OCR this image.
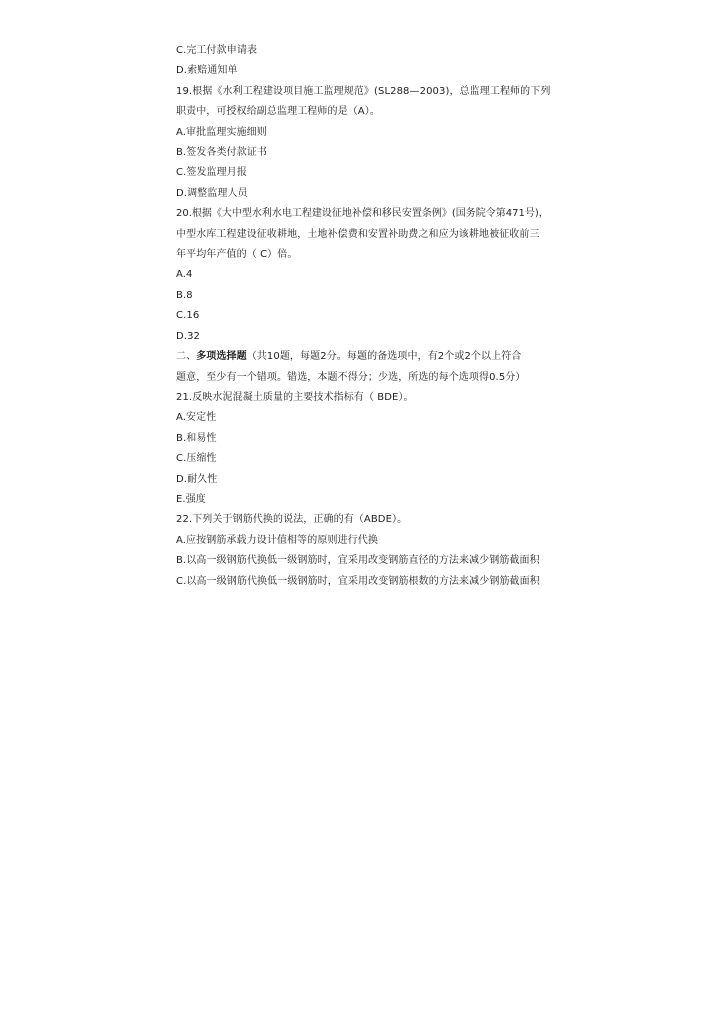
C.完工付款申请表
D.索赔通知单
19.根据《水利工程建设项目施工监理规范》(SL288—2003)，总监理工程师的下列
职责中，可授权给副总监理工程师的是（A）。
A.审批监理实施细则
B.签发各类付款证书
C.签发监理月报
D.调整监理人员
20.根据《大中型水利水电工程建设征地补偿和移民安置条例》(国务院令第471号)，
中型水库工程建设征收耕地，土地补偿费和安置补助费之和应为该耕地被征收前三
年平均年产值的（ C）倍。
A.4
B.8
C.16
D.32
二、多项选择题（共10题，每题2分。每题的备选项中，有2个或2个以上符合
题意，至少有一个错项。错选，本题不得分；少选，所选的每个选项得0.5分）
21.反映水泥混凝土质量的主要技术指标有（ BDE）。
A.安定性
B.和易性
C.压缩性
D.耐久性
E.强度
22.下列关于钢筋代换的说法，正确的有（ABDE）。
A.应按钢筋承载力设计值相等的原则进行代换
B.以高一级钢筋代换低一级钢筋时，宜采用改变钢筋直径的方法来减少钢筋截面积
C.以高一级钢筋代换低一级钢筋时，宜采用改变钢筋根数的方法来减少钢筋截面积
